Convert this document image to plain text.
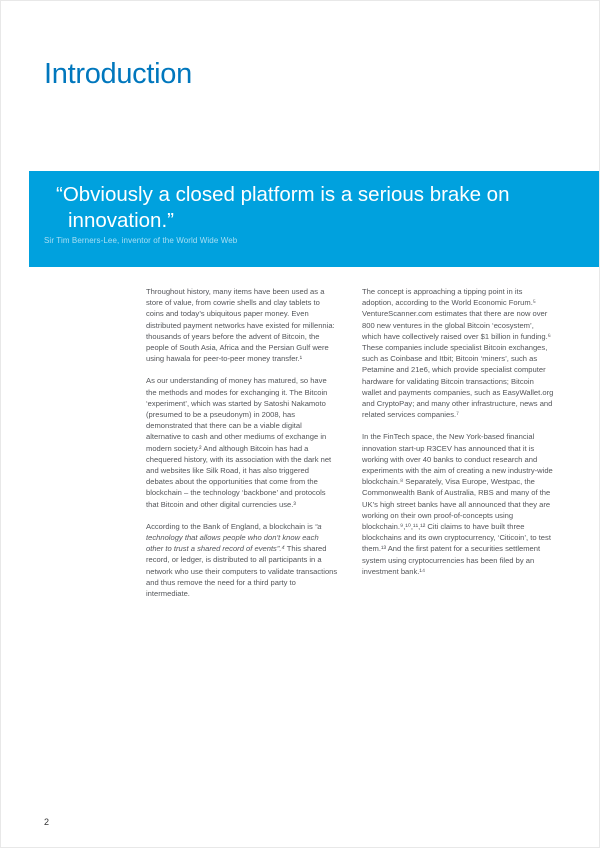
Introduction
“Obviously a closed platform is a serious brake on innovation.”
Sir Tim Berners-Lee, inventor of the World Wide Web

Throughout history, many items have been used as a store of value, from cowrie shells and clay tablets to coins and today’s ubiquitous paper money. Even distributed payment networks have existed for millennia: thousands of years before the advent of Bitcoin, the people of South Asia, Africa and the Persian Gulf were using hawala for peer-to-peer money transfer.¹

As our understanding of money has matured, so have the methods and modes for exchanging it. The Bitcoin ‘experiment’, which was started by Satoshi Nakamoto (presumed to be a pseudonym) in 2008, has demonstrated that there can be a viable digital alternative to cash and other mediums of exchange in modern society.² And although Bitcoin has had a chequered history, with its association with the dark net and websites like Silk Road, it has also triggered debates about the opportunities that come from the blockchain – the technology ‘backbone’ and protocols that Bitcoin and other digital currencies use.³

According to the Bank of England, a blockchain is “a technology that allows people who don’t know each other to trust a shared record of events”.⁴ This shared record, or ledger, is distributed to all participants in a network who use their computers to validate transactions and thus remove the need for a third party to intermediate.

The concept is approaching a tipping point in its adoption, according to the World Economic Forum.⁵ VentureScanner.com estimates that there are now over 800 new ventures in the global Bitcoin ‘ecosystem’, which have collectively raised over $1 billion in funding.⁶ These companies include specialist Bitcoin exchanges, such as Coinbase and Itbit; Bitcoin ‘miners’, such as Petamine and 21e6, which provide specialist computer hardware for validating Bitcoin transactions; Bitcoin wallet and payments companies, such as EasyWallet.org and CryptoPay; and many other infrastructure, news and related services companies.⁷

In the FinTech space, the New York-based financial innovation start-up R3CEV has announced that it is working with over 40 banks to conduct research and experiments with the aim of creating a new industry-wide blockchain.⁸ Separately, Visa Europe, Westpac, the Commonwealth Bank of Australia, RBS and many of the UK’s high street banks have all announced that they are working on their own proof-of-concepts using blockchain.⁹,¹⁰,¹¹,¹² Citi claims to have built three blockchains and its own cryptocurrency, ‘Citicoin’, to test them.¹³ And the first patent for a securities settlement system using cryptocurrencies has been filed by an investment bank.¹⁴

2
